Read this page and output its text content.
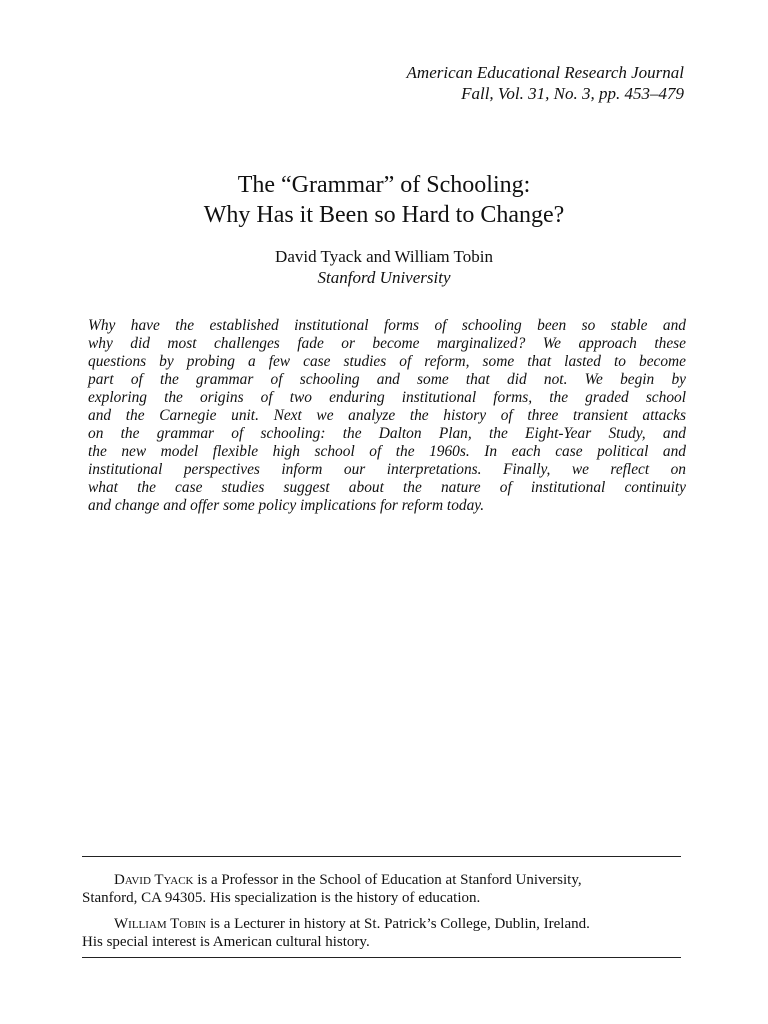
American Educational Research Journal
Fall, Vol. 31, No. 3, pp. 453–479
The “Grammar” of Schooling:
Why Has it Been so Hard to Change?
David Tyack and William Tobin
Stanford University

Why have the established institutional forms of schooling been so stable and
why did most challenges fade or become marginalized? We approach these
questions by probing a few case studies of reform, some that lasted to become
part of the grammar of schooling and some that did not. We begin by
exploring the origins of two enduring institutional forms, the graded school
and the Carnegie unit. Next we analyze the history of three transient attacks
on the grammar of schooling: the Dalton Plan, the Eight-Year Study, and
the new model flexible high school of the 1960s. In each case political and
institutional perspectives inform our interpretations. Finally, we reflect on
what the case studies suggest about the nature of institutional continuity
and change and offer some policy implications for reform today.

David Tyack is a Professor in the School of Education at Stanford University,
Stanford, CA 94305. His specialization is the history of education.

William Tobin is a Lecturer in history at St. Patrick’s College, Dublin, Ireland.
His special interest is American cultural history.
